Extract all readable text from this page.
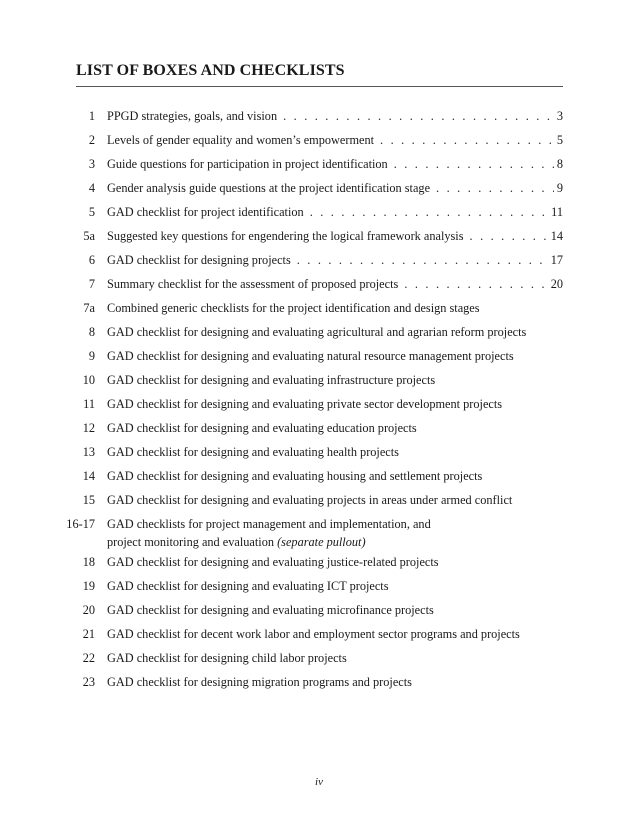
LIST OF BOXES AND CHECKLISTS
1 PPGD strategies, goals, and vision . . .	3
2 Levels of gender equality and women’s empowerment . . .	5
3 Guide questions for participation in project identification . . .	8
4 Gender analysis guide questions at the project identification stage . . .	9
5 GAD checklist for project identification . . .	11
5a Suggested key questions for engendering the logical framework analysis . . .	14
6 GAD checklist for designing projects . . .	17
7 Summary checklist for the assessment of proposed projects . . .	20
7a Combined generic checklists for the project identification and design stages
8 GAD checklist for designing and evaluating agricultural and agrarian reform projects
9 GAD checklist for designing and evaluating natural resource management projects
10 GAD checklist for designing and evaluating infrastructure projects
11 GAD checklist for designing and evaluating private sector development projects
12 GAD checklist for designing and evaluating education projects
13 GAD checklist for designing and evaluating health projects
14 GAD checklist for designing and evaluating housing and settlement projects
15 GAD checklist for designing and evaluating projects in areas under armed conflict
16-17 GAD checklists for project management and implementation, and
project monitoring and evaluation (separate pullout)
18 GAD checklist for designing and evaluating justice-related projects
19 GAD checklist for designing and evaluating ICT projects
20 GAD checklist for designing and evaluating microfinance projects
21 GAD checklist for decent work labor and employment sector programs and projects
22 GAD checklist for designing child labor projects
23 GAD checklist for designing migration programs and projects
iv
